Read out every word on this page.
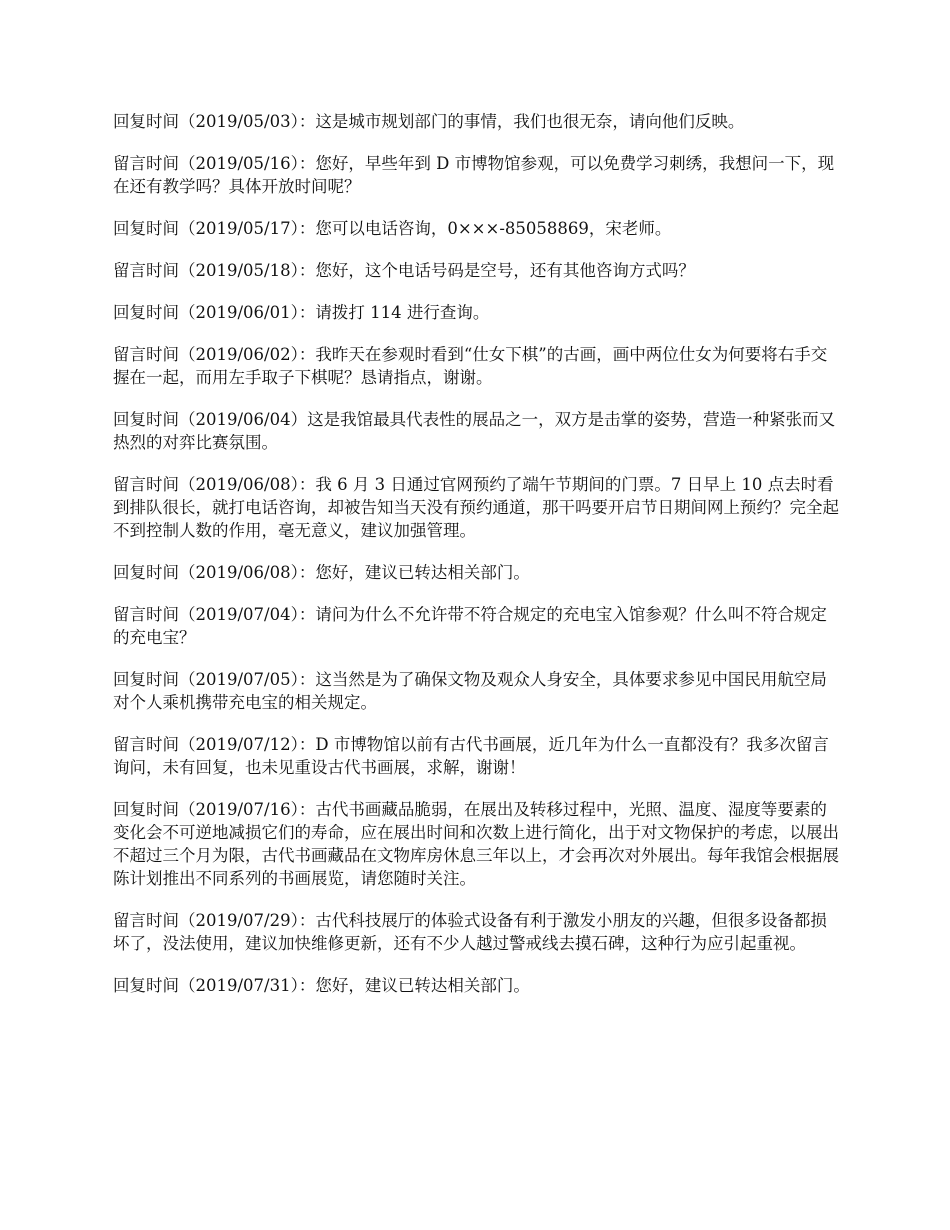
回复时间（2019/05/03）：这是城市规划部门的事情，我们也很无奈，请向他们反映。

留言时间（2019/05/16）：您好，早些年到 D 市博物馆参观，可以免费学习刺绣，我想问一下，现在还有教学吗？具体开放时间呢？

回复时间（2019/05/17）：您可以电话咨询，0×××-85058869，宋老师。

留言时间（2019/05/18）：您好，这个电话号码是空号，还有其他咨询方式吗？

回复时间（2019/06/01）：请拨打 114 进行查询。

留言时间（2019/06/02）：我昨天在参观时看到“仕女下棋”的古画，画中两位仕女为何要将右手交握在一起，而用左手取子下棋呢？恳请指点，谢谢。

回复时间（2019/06/04）这是我馆最具代表性的展品之一，双方是击掌的姿势，营造一种紧张而又热烈的对弈比赛氛围。

留言时间（2019/06/08）：我 6 月 3 日通过官网预约了端午节期间的门票。7 日早上 10 点去时看到排队很长，就打电话咨询，却被告知当天没有预约通道，那干吗要开启节日期间网上预约？完全起不到控制人数的作用，毫无意义，建议加强管理。

回复时间（2019/06/08）：您好，建议已转达相关部门。

留言时间（2019/07/04）：请问为什么不允许带不符合规定的充电宝入馆参观？什么叫不符合规定的充电宝？

回复时间（2019/07/05）：这当然是为了确保文物及观众人身安全，具体要求参见中国民用航空局对个人乘机携带充电宝的相关规定。

留言时间（2019/07/12）：D 市博物馆以前有古代书画展，近几年为什么一直都没有？我多次留言询问，未有回复，也未见重设古代书画展，求解，谢谢！

回复时间（2019/07/16）：古代书画藏品脆弱，在展出及转移过程中，光照、温度、湿度等要素的变化会不可逆地减损它们的寿命，应在展出时间和次数上进行简化，出于对文物保护的考虑，以展出不超过三个月为限，古代书画藏品在文物库房休息三年以上，才会再次对外展出。每年我馆会根据展陈计划推出不同系列的书画展览，请您随时关注。

留言时间（2019/07/29）：古代科技展厅的体验式设备有利于激发小朋友的兴趣，但很多设备都损坏了，没法使用，建议加快维修更新，还有不少人越过警戒线去摸石碑，这种行为应引起重视。

回复时间（2019/07/31）：您好，建议已转达相关部门。
